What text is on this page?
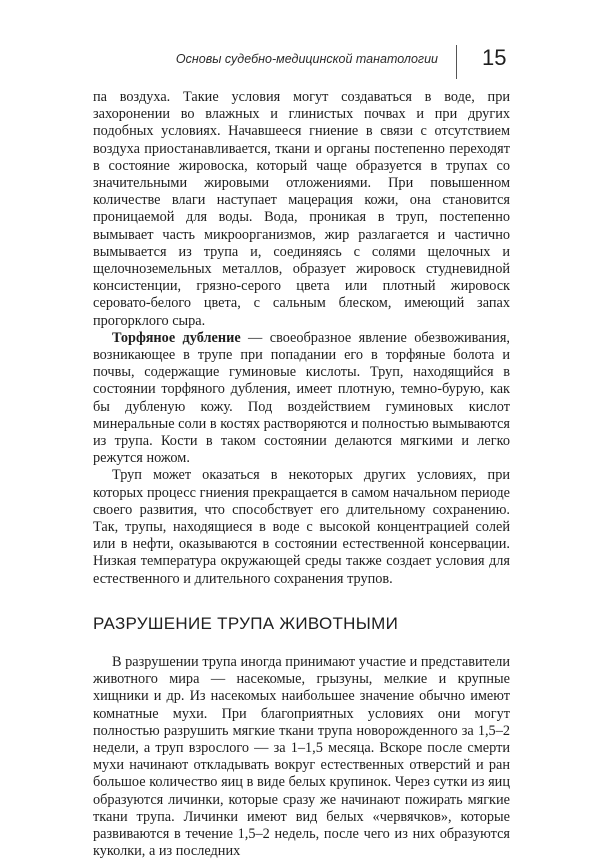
Основы судебно-медицинской танатологии 15

па воздуха. Такие условия могут создаваться в воде, при захоронении во влажных и глинистых почвах и при других подобных условиях. Начавшееся гниение в связи с отсутствием воздуха приостанавливается, ткани и органы постепенно переходят в состояние жировоска, который чаще образуется в трупах со значительными жировыми отложениями. При повышенном количестве влаги наступает мацерация кожи, она становится проницаемой для воды. Вода, проникая в труп, постепенно вымывает часть микроорганизмов, жир разлагается и частично вымывается из трупа и, соединяясь с солями щелочных и щелочноземельных металлов, образует жировоск студневидной консистенции, грязно-серого цвета или плотный жировоск серовато-белого цвета, с сальным блеском, имеющий запах прогорклого сыра.

Торфяное дубление — своеобразное явление обезвоживания, возникающее в трупе при попадании его в торфяные болота и почвы, содержащие гуминовые кислоты. Труп, находящийся в состоянии торфяного дубления, имеет плотную, темно-бурую, как бы дубленую кожу. Под воздействием гуминовых кислот минеральные соли в костях растворяются и полностью вымываются из трупа. Кости в таком состоянии делаются мягкими и легко режутся ножом.

Труп может оказаться в некоторых других условиях, при которых процесс гниения прекращается в самом начальном периоде своего развития, что способствует его длительному сохранению. Так, трупы, находящиеся в воде с высокой концентрацией солей или в нефти, оказываются в состоянии естественной консервации. Низкая температура окружающей среды также создает условия для естественного и длительного сохранения трупов.

РАЗРУШЕНИЕ ТРУПА ЖИВОТНЫМИ

В разрушении трупа иногда принимают участие и представители животного мира — насекомые, грызуны, мелкие и крупные хищники и др. Из насекомых наибольшее значение обычно имеют комнатные мухи. При благоприятных условиях они могут полностью разрушить мягкие ткани трупа новорожденного за 1,5–2 недели, а труп взрослого — за 1–1,5 месяца. Вскоре после смерти мухи начинают откладывать вокруг естественных отверстий и ран большое количество яиц в виде белых крупинок. Через сутки из яиц образуются личинки, которые сразу же начинают пожирать мягкие ткани трупа. Личинки имеют вид белых «червячков», которые развиваются в течение 1,5–2 недель, после чего из них образуются куколки, а из последних
